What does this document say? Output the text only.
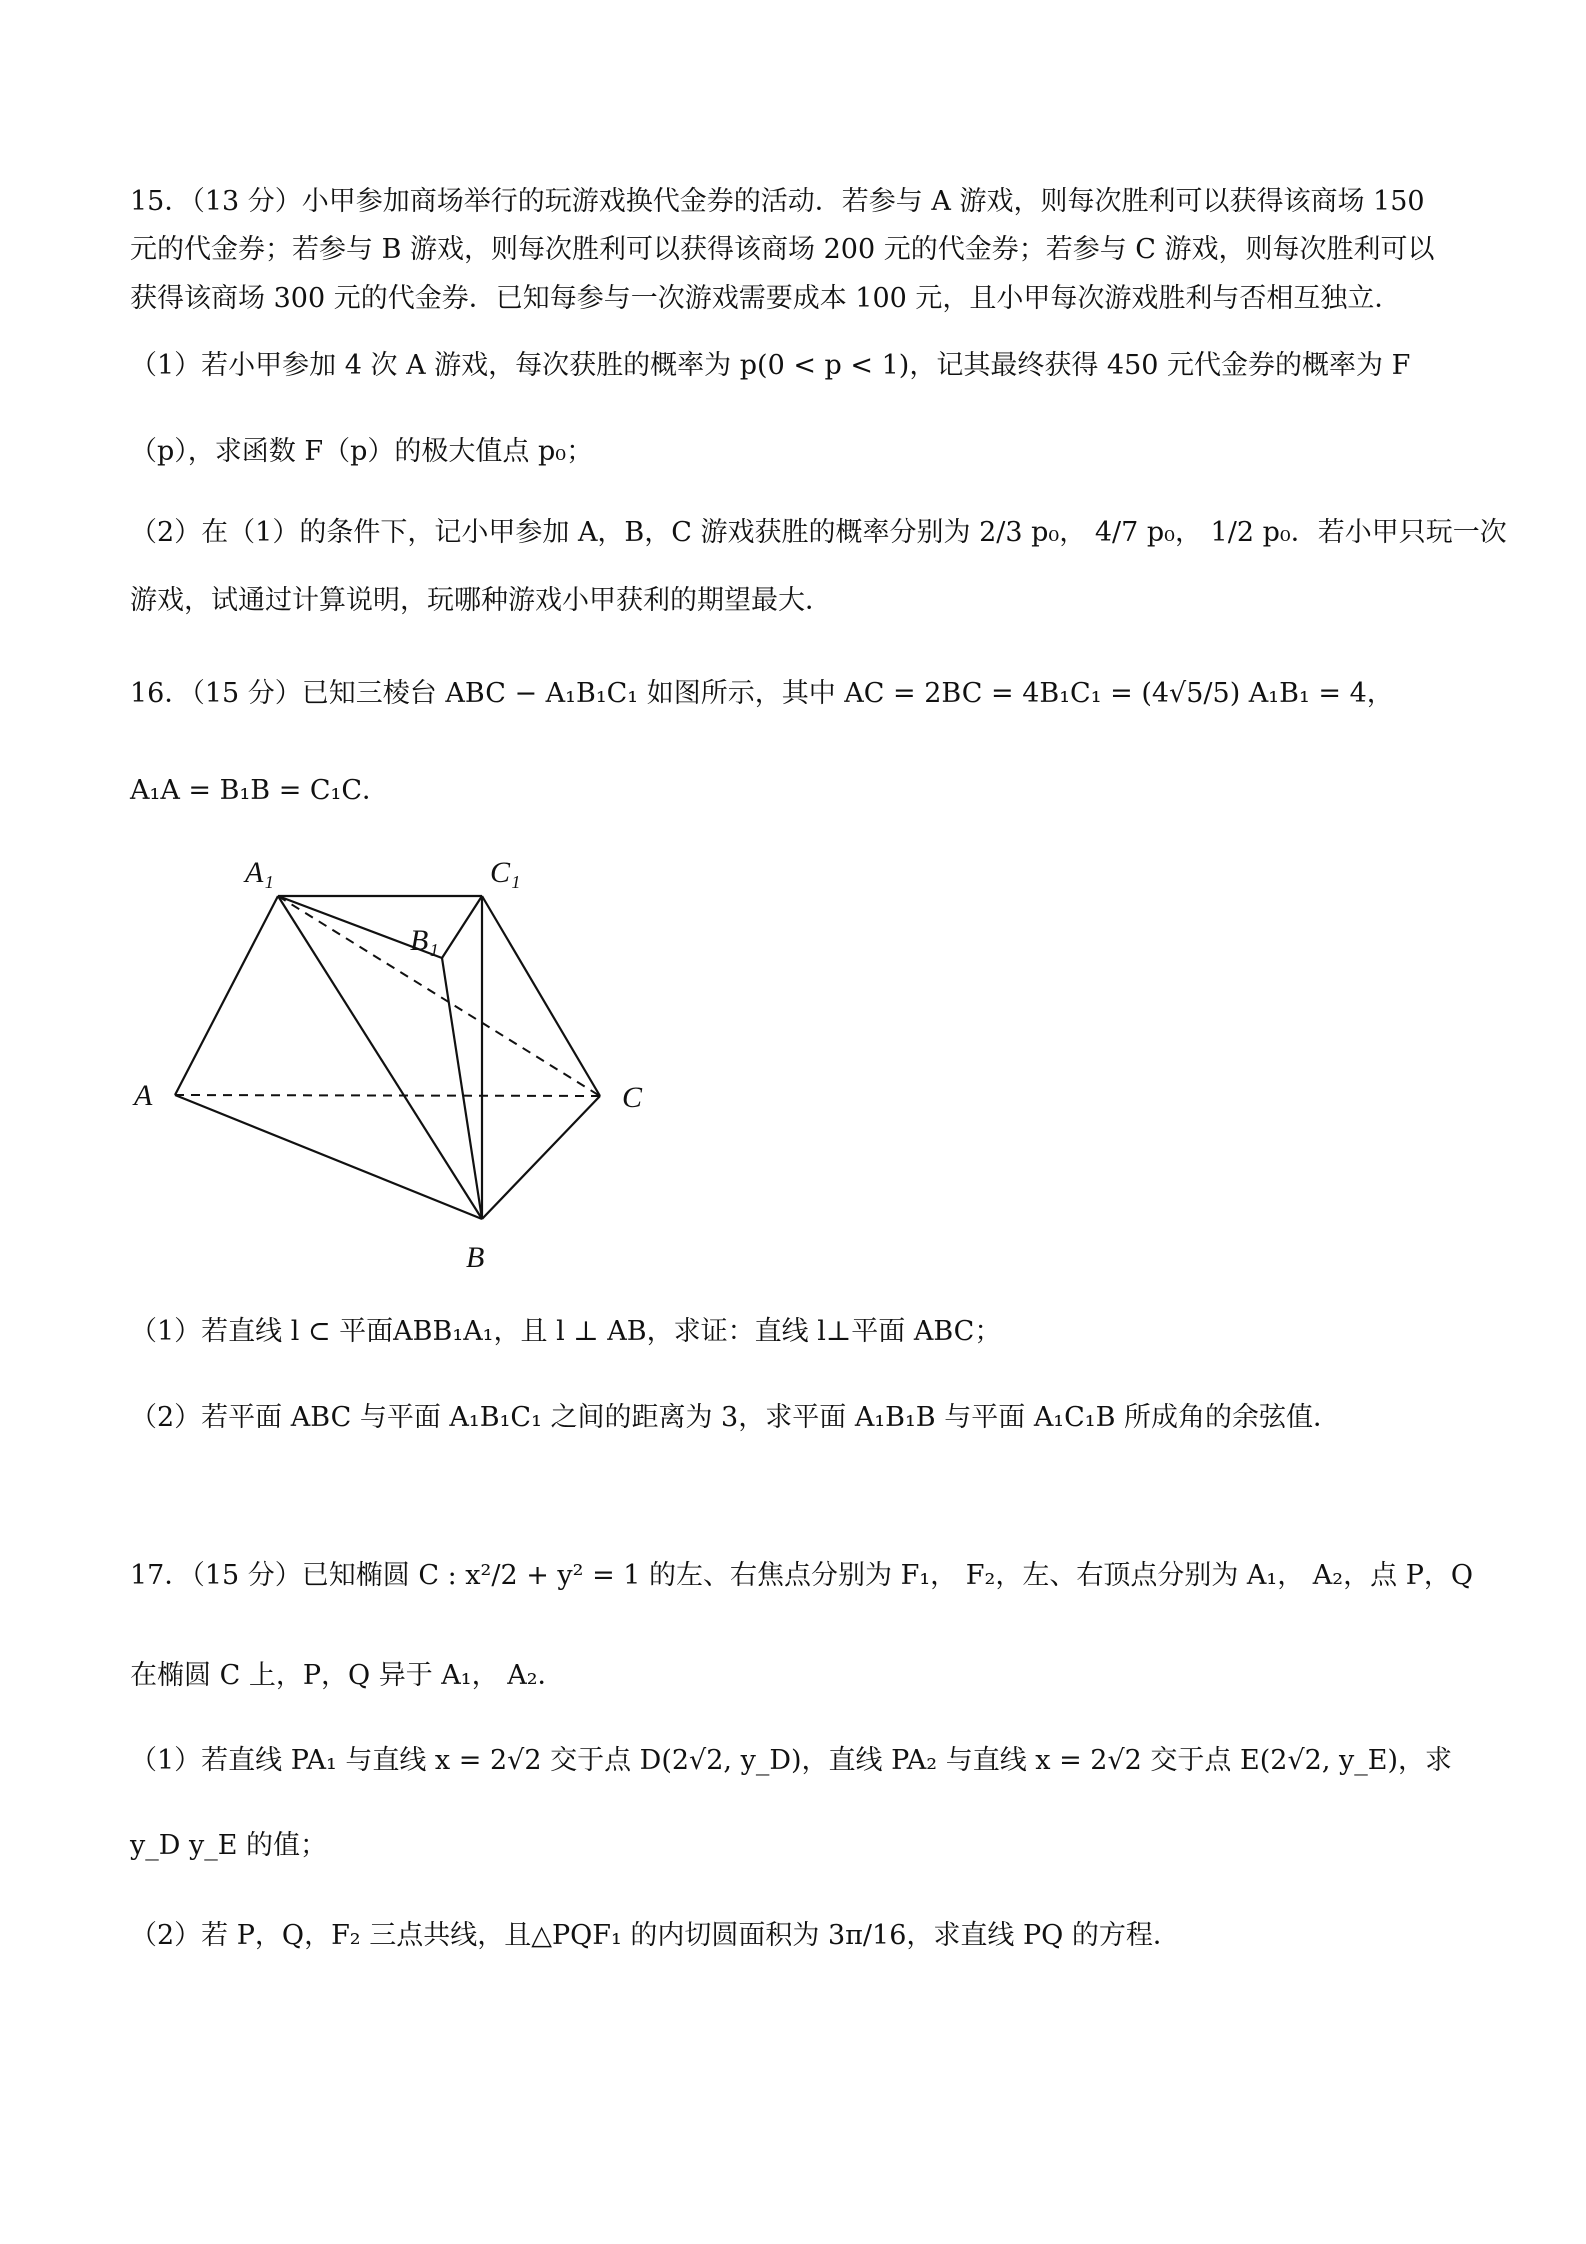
15．（13 分）小甲参加商场举行的玩游戏换代金券的活动．若参与 A 游戏，则每次胜利可以获得该商场 150
元的代金券；若参与 B 游戏，则每次胜利可以获得该商场 200 元的代金券；若参与 C 游戏，则每次胜利可以
获得该商场 300 元的代金券．已知每参与一次游戏需要成本 100 元，且小甲每次游戏胜利与否相互独立．
（1）若小甲参加 4 次 A 游戏，每次获胜的概率为 p(0 < p < 1)，记其最终获得 450 元代金券的概率为 F
（p），求函数 F（p）的极大值点 p₀；
（2）在（1）的条件下，记小甲参加 A，B，C 游戏获胜的概率分别为 2/3 p₀， 4/7 p₀， 1/2 p₀．若小甲只玩一次
游戏，试通过计算说明，玩哪种游戏小甲获利的期望最大．
16．（15 分）已知三棱台 ABC − A₁B₁C₁ 如图所示，其中 AC = 2BC = 4B₁C₁ = (4√5/5) A₁B₁ = 4，
A₁A = B₁B = C₁C．
A₁	C₁
B₁
A	C
B
（1）若直线 l ⊂ 平面ABB₁A₁，且 l ⊥ AB，求证：直线 l⊥平面 ABC；
（2）若平面 ABC 与平面 A₁B₁C₁ 之间的距离为 3，求平面 A₁B₁B 与平面 A₁C₁B 所成角的余弦值．
17．（15 分）已知椭圆 C : x²/2 + y² = 1 的左、右焦点分别为 F₁， F₂，左、右顶点分别为 A₁， A₂，点 P，Q
在椭圆 C 上，P，Q 异于 A₁， A₂．
（1）若直线 PA₁ 与直线 x = 2√2 交于点 D(2√2, y_D)，直线 PA₂ 与直线 x = 2√2 交于点 E(2√2, y_E)，求
y_D y_E 的值；
（2）若 P，Q，F₂ 三点共线，且△PQF₁ 的内切圆面积为 3π/16，求直线 PQ 的方程．
